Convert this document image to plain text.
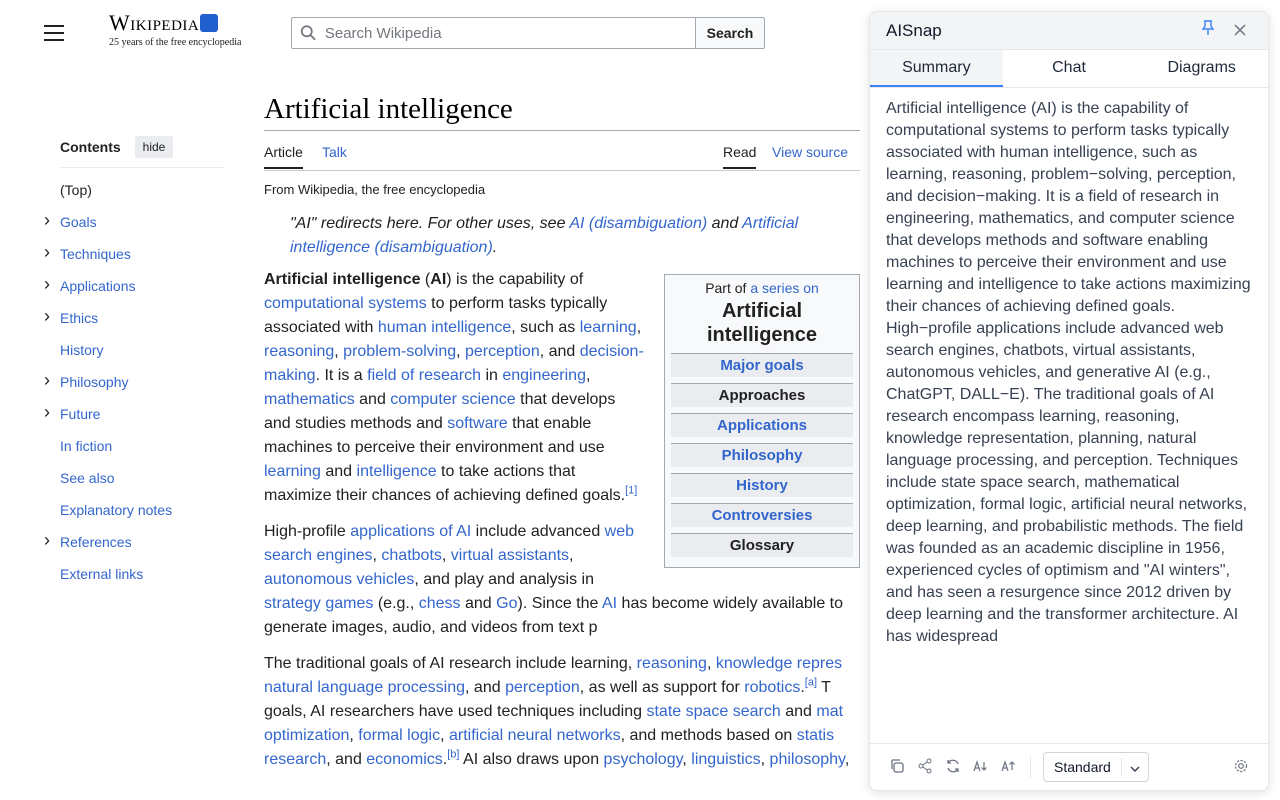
Wikipedia
25 years of the free encyclopedia
Search Wikipedia
Search
Contents	hide
(Top)
› Goals
› Techniques
› Applications
› Ethics
History
› Philosophy
› Future
In fiction
See also
Explanatory notes
› References
External links
Artificial intelligence
Article Talk	Read View source
From Wikipedia, the free encyclopedia
"AI" redirects here. For other uses, see AI (disambiguation) and Artificial intelligence (disambiguation).
Part of a series on
Artificial intelligence
Major goals
Approaches
Applications
Philosophy
History
Controversies
Glossary

Artificial intelligence (AI) is the capability of computational systems to perform tasks typically associated with human intelligence, such as learning, reasoning, problem-solving, perception, and decision-making. It is a field of research in engineering, mathematics and computer science that develops and studies methods and software that enable machines to perceive their environment and use learning and intelligence to take actions that maximize their chances of achieving defined goals.[1]

High-profile applications of AI include advanced web search engines, chatbots, virtual assistants, autonomous vehicles, and play and analysis in strategy games (e.g., chess and Go). Since the AI has become widely available to generate images, audio, and videos from text p

The traditional goals of AI research include learning, reasoning, knowledge repres natural language processing, and perception, as well as support for robotics.[a] T goals, AI researchers have used techniques including state space search and mat optimization, formal logic, artificial neural networks, and methods based on statis research, and economics.[b] AI also draws upon psychology, linguistics, philosophy,

AISnap
Summary	Chat	Diagrams
Artificial intelligence (AI) is the capability of computational systems to perform tasks typically associated with human intelligence, such as learning, reasoning, problem−solving, perception, and decision−making. It is a field of research in engineering, mathematics, and computer science that develops methods and software enabling machines to perceive their environment and use learning and intelligence to take actions maximizing their chances of achieving defined goals. High−profile applications include advanced web search engines, chatbots, virtual assistants, autonomous vehicles, and generative AI (e.g., ChatGPT, DALL−E). The traditional goals of AI research encompass learning, reasoning, knowledge representation, planning, natural language processing, and perception. Techniques include state space search, mathematical optimization, formal logic, artificial neural networks, deep learning, and probabilistic methods. The field was founded as an academic discipline in 1956, experienced cycles of optimism and "AI winters", and has seen a resurgence since 2012 driven by deep learning and the transformer architecture. AI has widespread
Standard
